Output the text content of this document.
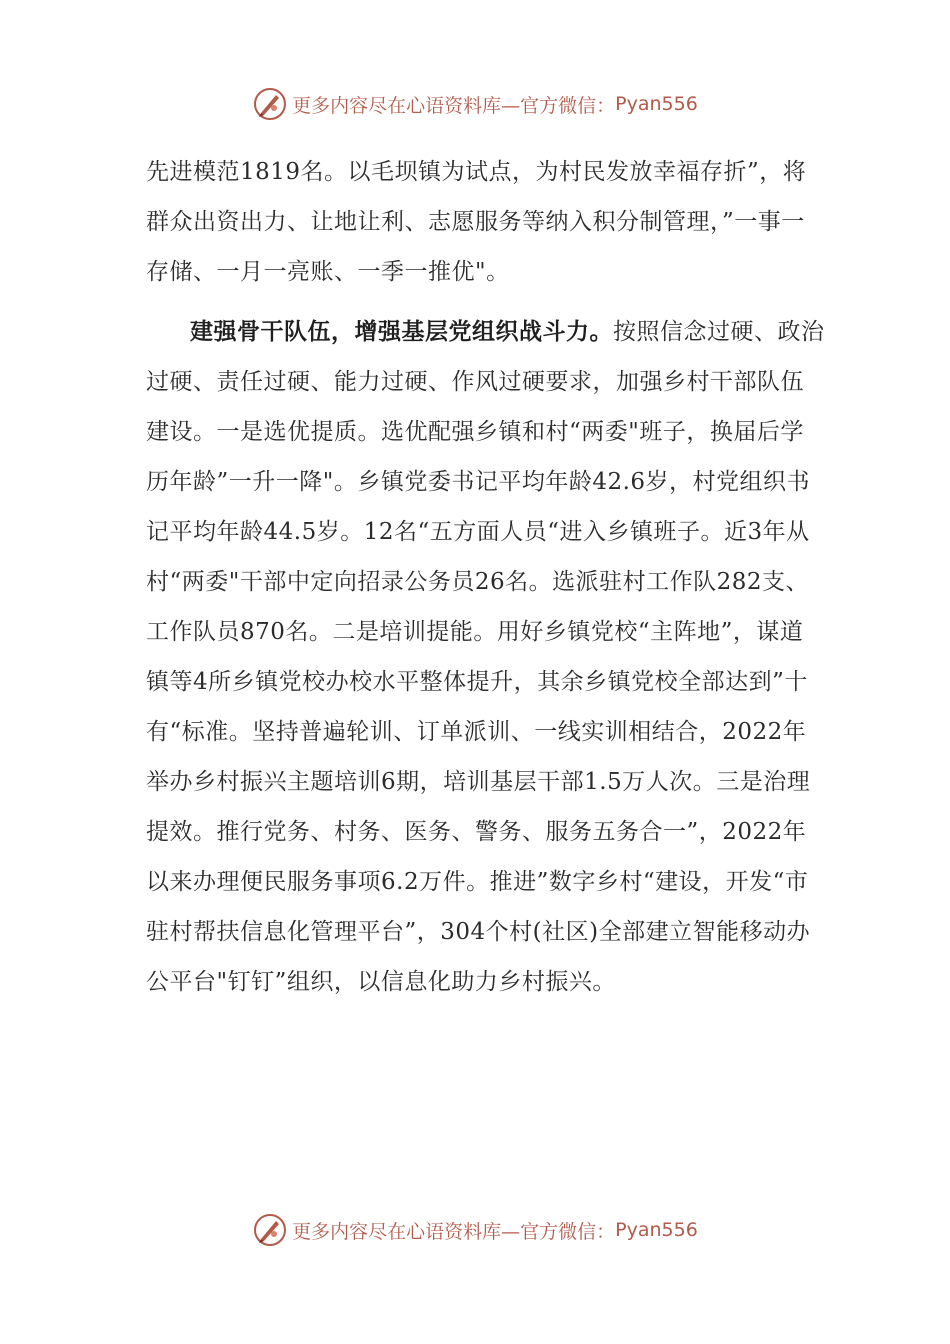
更多内容尽在心语资料库—官方微信： Pyan556

先进模范1819名。以毛坝镇为试点，为村民发放幸福存折”，将群众出资出力、让地让利、志愿服务等纳入积分制管理，”一事一存储、一月一亮账、一季一推优"。

建强骨干队伍，增强基层党组织战斗力。按照信念过硬、政治过硬、责任过硬、能力过硬、作风过硬要求，加强乡村干部队伍建设。一是选优提质。选优配强乡镇和村“两委"班子，换届后学历年龄”一升一降"。乡镇党委书记平均年龄42.6岁，村党组织书记平均年龄44.5岁。12名“五方面人员“进入乡镇班子。近3年从村“两委"干部中定向招录公务员26名。选派驻村工作队282支、工作队员870名。二是培训提能。用好乡镇党校“主阵地”，谋道镇等4所乡镇党校办校水平整体提升，其余乡镇党校全部达到”十有“标准。坚持普遍轮训、订单派训、一线实训相结合，2022年举办乡村振兴主题培训6期，培训基层干部1.5万人次。三是治理提效。推行党务、村务、医务、警务、服务五务合一”，2022年以来办理便民服务事项6.2万件。推进”数字乡村“建设，开发“市驻村帮扶信息化管理平台”，304个村(社区)全部建立智能移动办公平台"钉钉”组织，以信息化助力乡村振兴。

更多内容尽在心语资料库—官方微信： Pyan556
